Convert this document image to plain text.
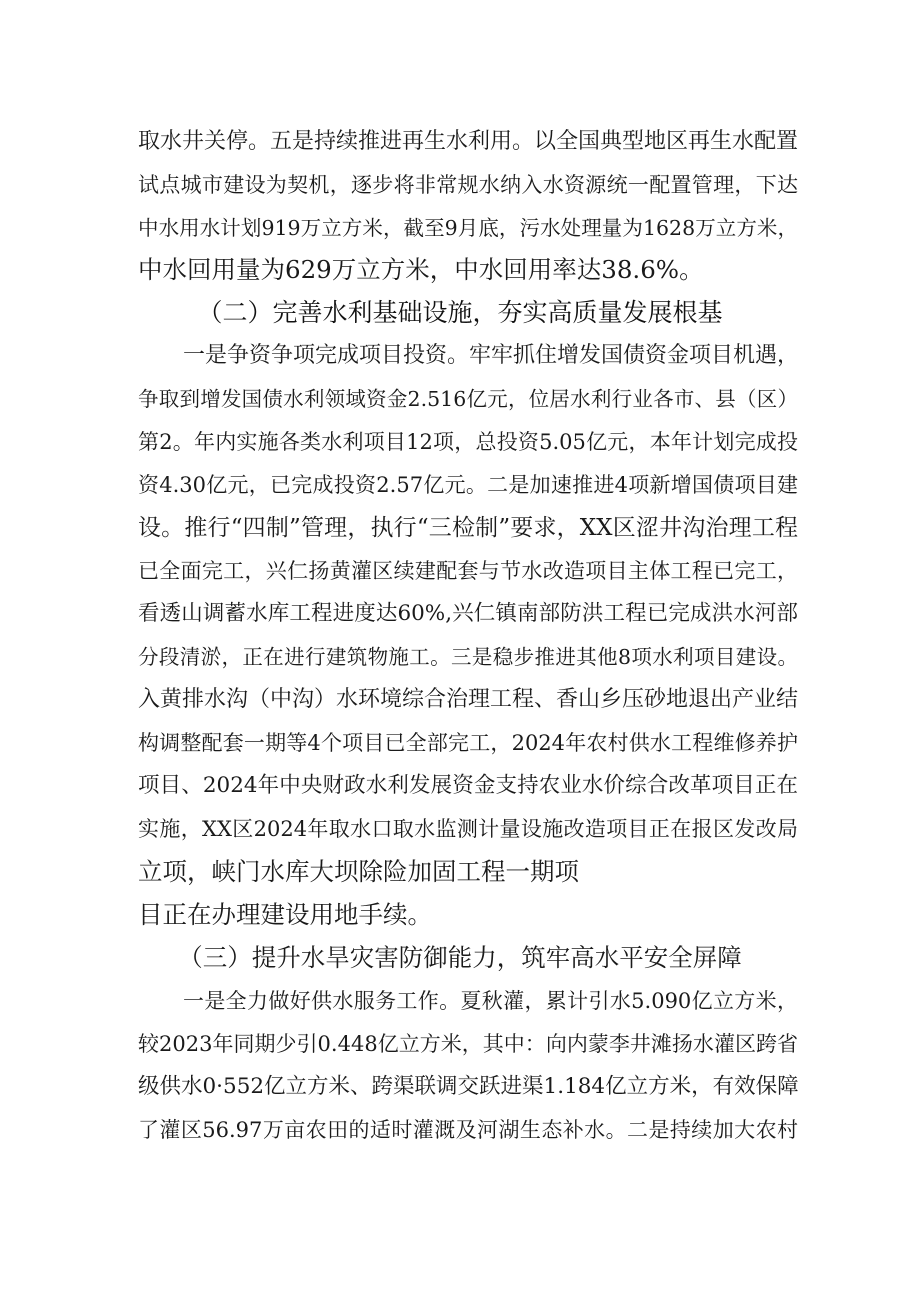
取水井关停。五是持续推进再生水利用。以全国典型地区再生水配置
试点城市建设为契机，逐步将非常规水纳入水资源统一配置管理，下达
中水用水计划919万立方米，截至9月底，污水处理量为1628万立方米，
中水回用量为629万立方米，中水回用率达38.6%。
（二）完善水利基础设施，夯实高质量发展根基
一是争资争项完成项目投资。牢牢抓住增发国债资金项目机遇，
争取到增发国债水利领域资金2.516亿元，位居水利行业各市、县（区）
第2。年内实施各类水利项目12项，总投资5.05亿元，本年计划完成投
资4.30亿元，已完成投资2.57亿元。二是加速推进4项新增国债项目建
设。推行“四制”管理，执行“三检制”要求，XX区涩井沟治理工程
已全面完工，兴仁扬黄灌区续建配套与节水改造项目主体工程已完工，
看透山调蓄水库工程进度达60%,兴仁镇南部防洪工程已完成洪水河部
分段清淤，正在进行建筑物施工。三是稳步推进其他8项水利项目建设。
入黄排水沟（中沟）水环境综合治理工程、香山乡压砂地退出产业结
构调整配套一期等4个项目已全部完工，2024年农村供水工程维修养护
项目、2024年中央财政水利发展资金支持农业水价综合改革项目正在
实施，XX区2024年取水口取水监测计量设施改造项目正在报区发改局
立项，峡门水库大坝除险加固工程一期项
目正在办理建设用地手续。
（三）提升水旱灾害防御能力，筑牢高水平安全屏障
一是全力做好供水服务工作。夏秋灌，累计引水5.090亿立方米，
较2023年同期少引0.448亿立方米，其中：向内蒙李井滩扬水灌区跨省
级供水0·552亿立方米、跨渠联调交跃进渠1.184亿立方米，有效保障
了灌区56.97万亩农田的适时灌溉及河湖生态补水。二是持续加大农村
